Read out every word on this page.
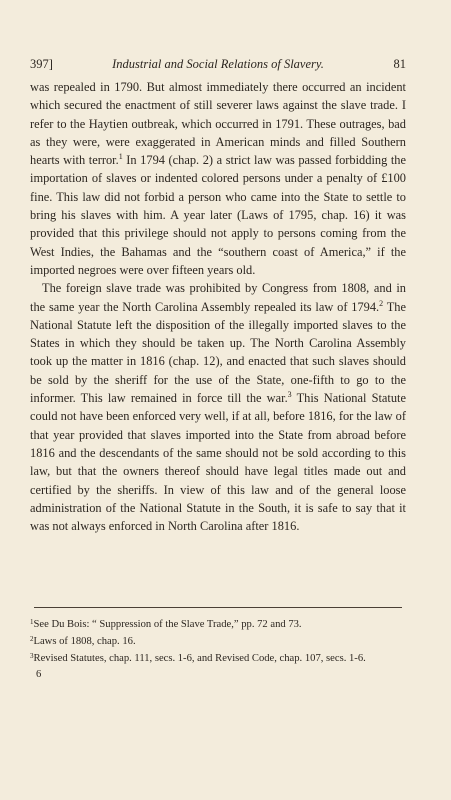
397]	Industrial and Social Relations of Slavery.	81

was repealed in 1790. But almost immediately there occurred an incident which secured the enactment of still severer laws against the slave trade. I refer to the Haytien outbreak, which occurred in 1791. These outrages, bad as they were, were exaggerated in American minds and filled Southern hearts with terror.$^1$ In 1794 (chap. 2) a strict law was passed forbidding the importation of slaves or indented colored persons under a penalty of £100 fine. This law did not forbid a person who came into the State to settle to bring his slaves with him. A year later (Laws of 1795, chap. 16) it was provided that this privilege should not apply to persons coming from the West Indies, the Bahamas and the “southern coast of America,” if the imported negroes were over fifteen years old.

The foreign slave trade was prohibited by Congress from 1808, and in the same year the North Carolina Assembly repealed its law of 1794.$^2$ The National Statute left the disposition of the illegally imported slaves to the States in which they should be taken up. The North Carolina Assembly took up the matter in 1816 (chap. 12), and enacted that such slaves should be sold by the sheriff for the use of the State, one-fifth to go to the informer. This law remained in force till the war.$^3$ This National Statute could not have been enforced very well, if at all, before 1816, for the law of that year provided that slaves imported into the State from abroad before 1816 and the descendants of the same should not be sold according to this law, but that the owners thereof should have legal titles made out and certified by the sheriffs. In view of this law and of the general loose administration of the National Statute in the South, it is safe to say that it was not always enforced in North Carolina after 1816.

$^1$See Du Bois: “ Suppression of the Slave Trade,” pp. 72 and 73.

$^2$Laws of 1808, chap. 16.

$^3$Revised Statutes, chap. 111, secs. 1-6, and Revised Code, chap. 107, secs. 1-6.

6
